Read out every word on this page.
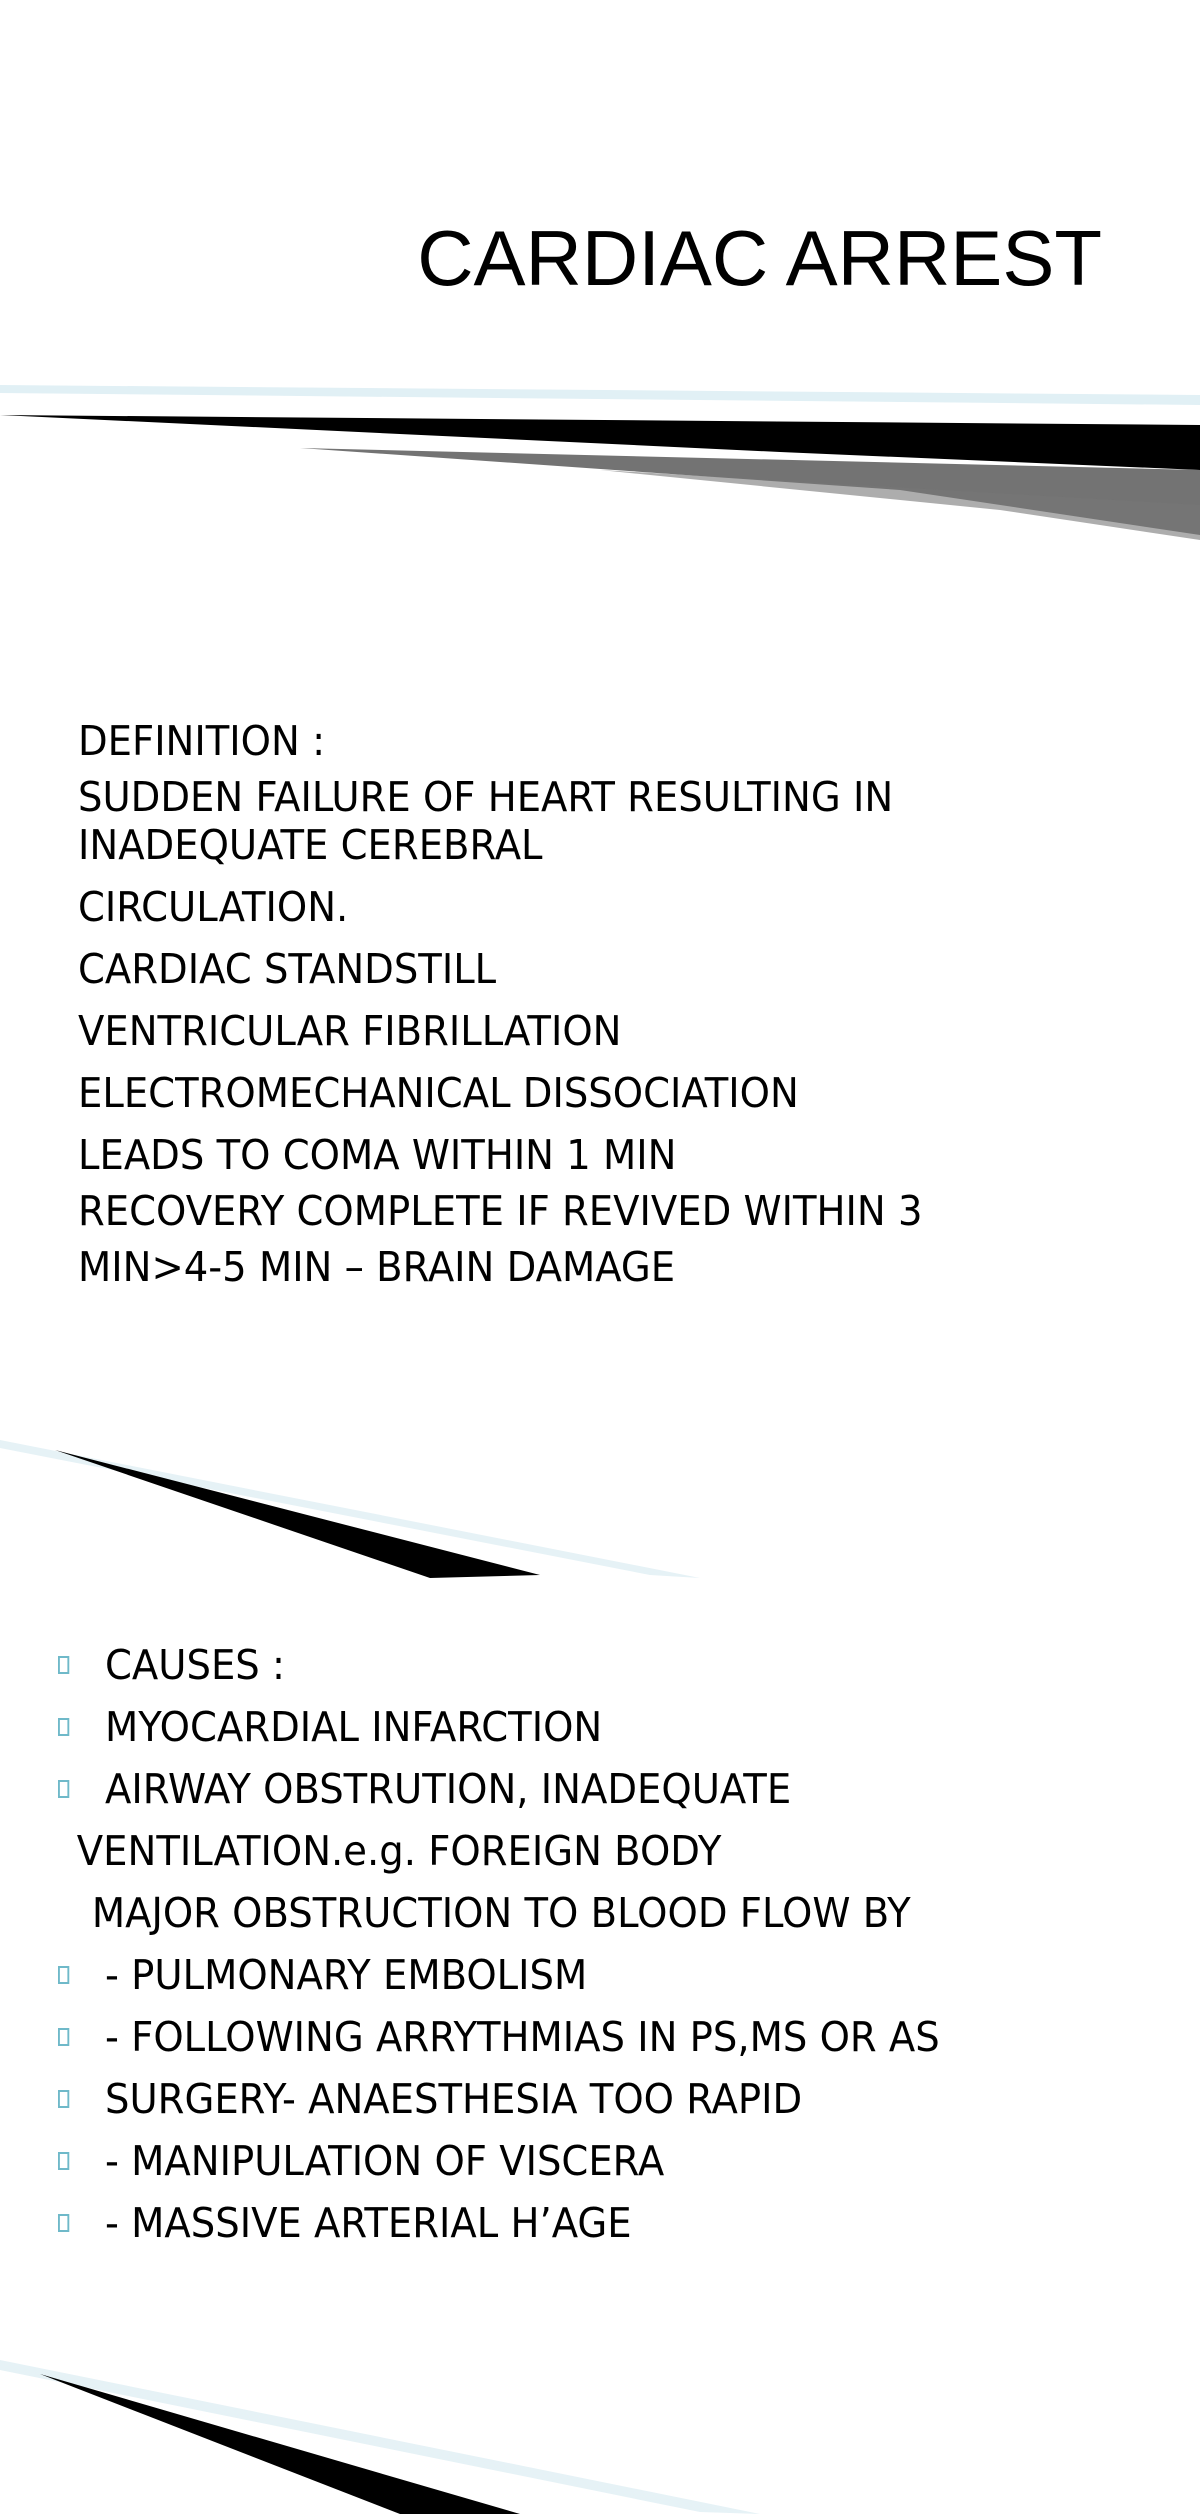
CARDIAC ARREST
DEFINITION :
SUDDEN FAILURE OF HEART RESULTING IN
INADEQUATE CEREBRAL
CIRCULATION.
CARDIAC STANDSTILL
VENTRICULAR FIBRILLATION
ELECTROMECHANICAL DISSOCIATION
LEADS TO COMA WITHIN 1 MIN
RECOVERY COMPLETE IF REVIVED WITHIN 3
MIN>4-5 MIN – BRAIN DAMAGE
CAUSES :
MYOCARDIAL INFARCTION
AIRWAY OBSTRUTION, INADEQUATE
VENTILATION.e.g. FOREIGN BODY
MAJOR OBSTRUCTION TO BLOOD FLOW BY
- PULMONARY EMBOLISM
- FOLLOWING ARRYTHMIAS IN PS,MS OR AS
SURGERY- ANAESTHESIA TOO RAPID
- MANIPULATION OF VISCERA
- MASSIVE ARTERIAL H’AGE
